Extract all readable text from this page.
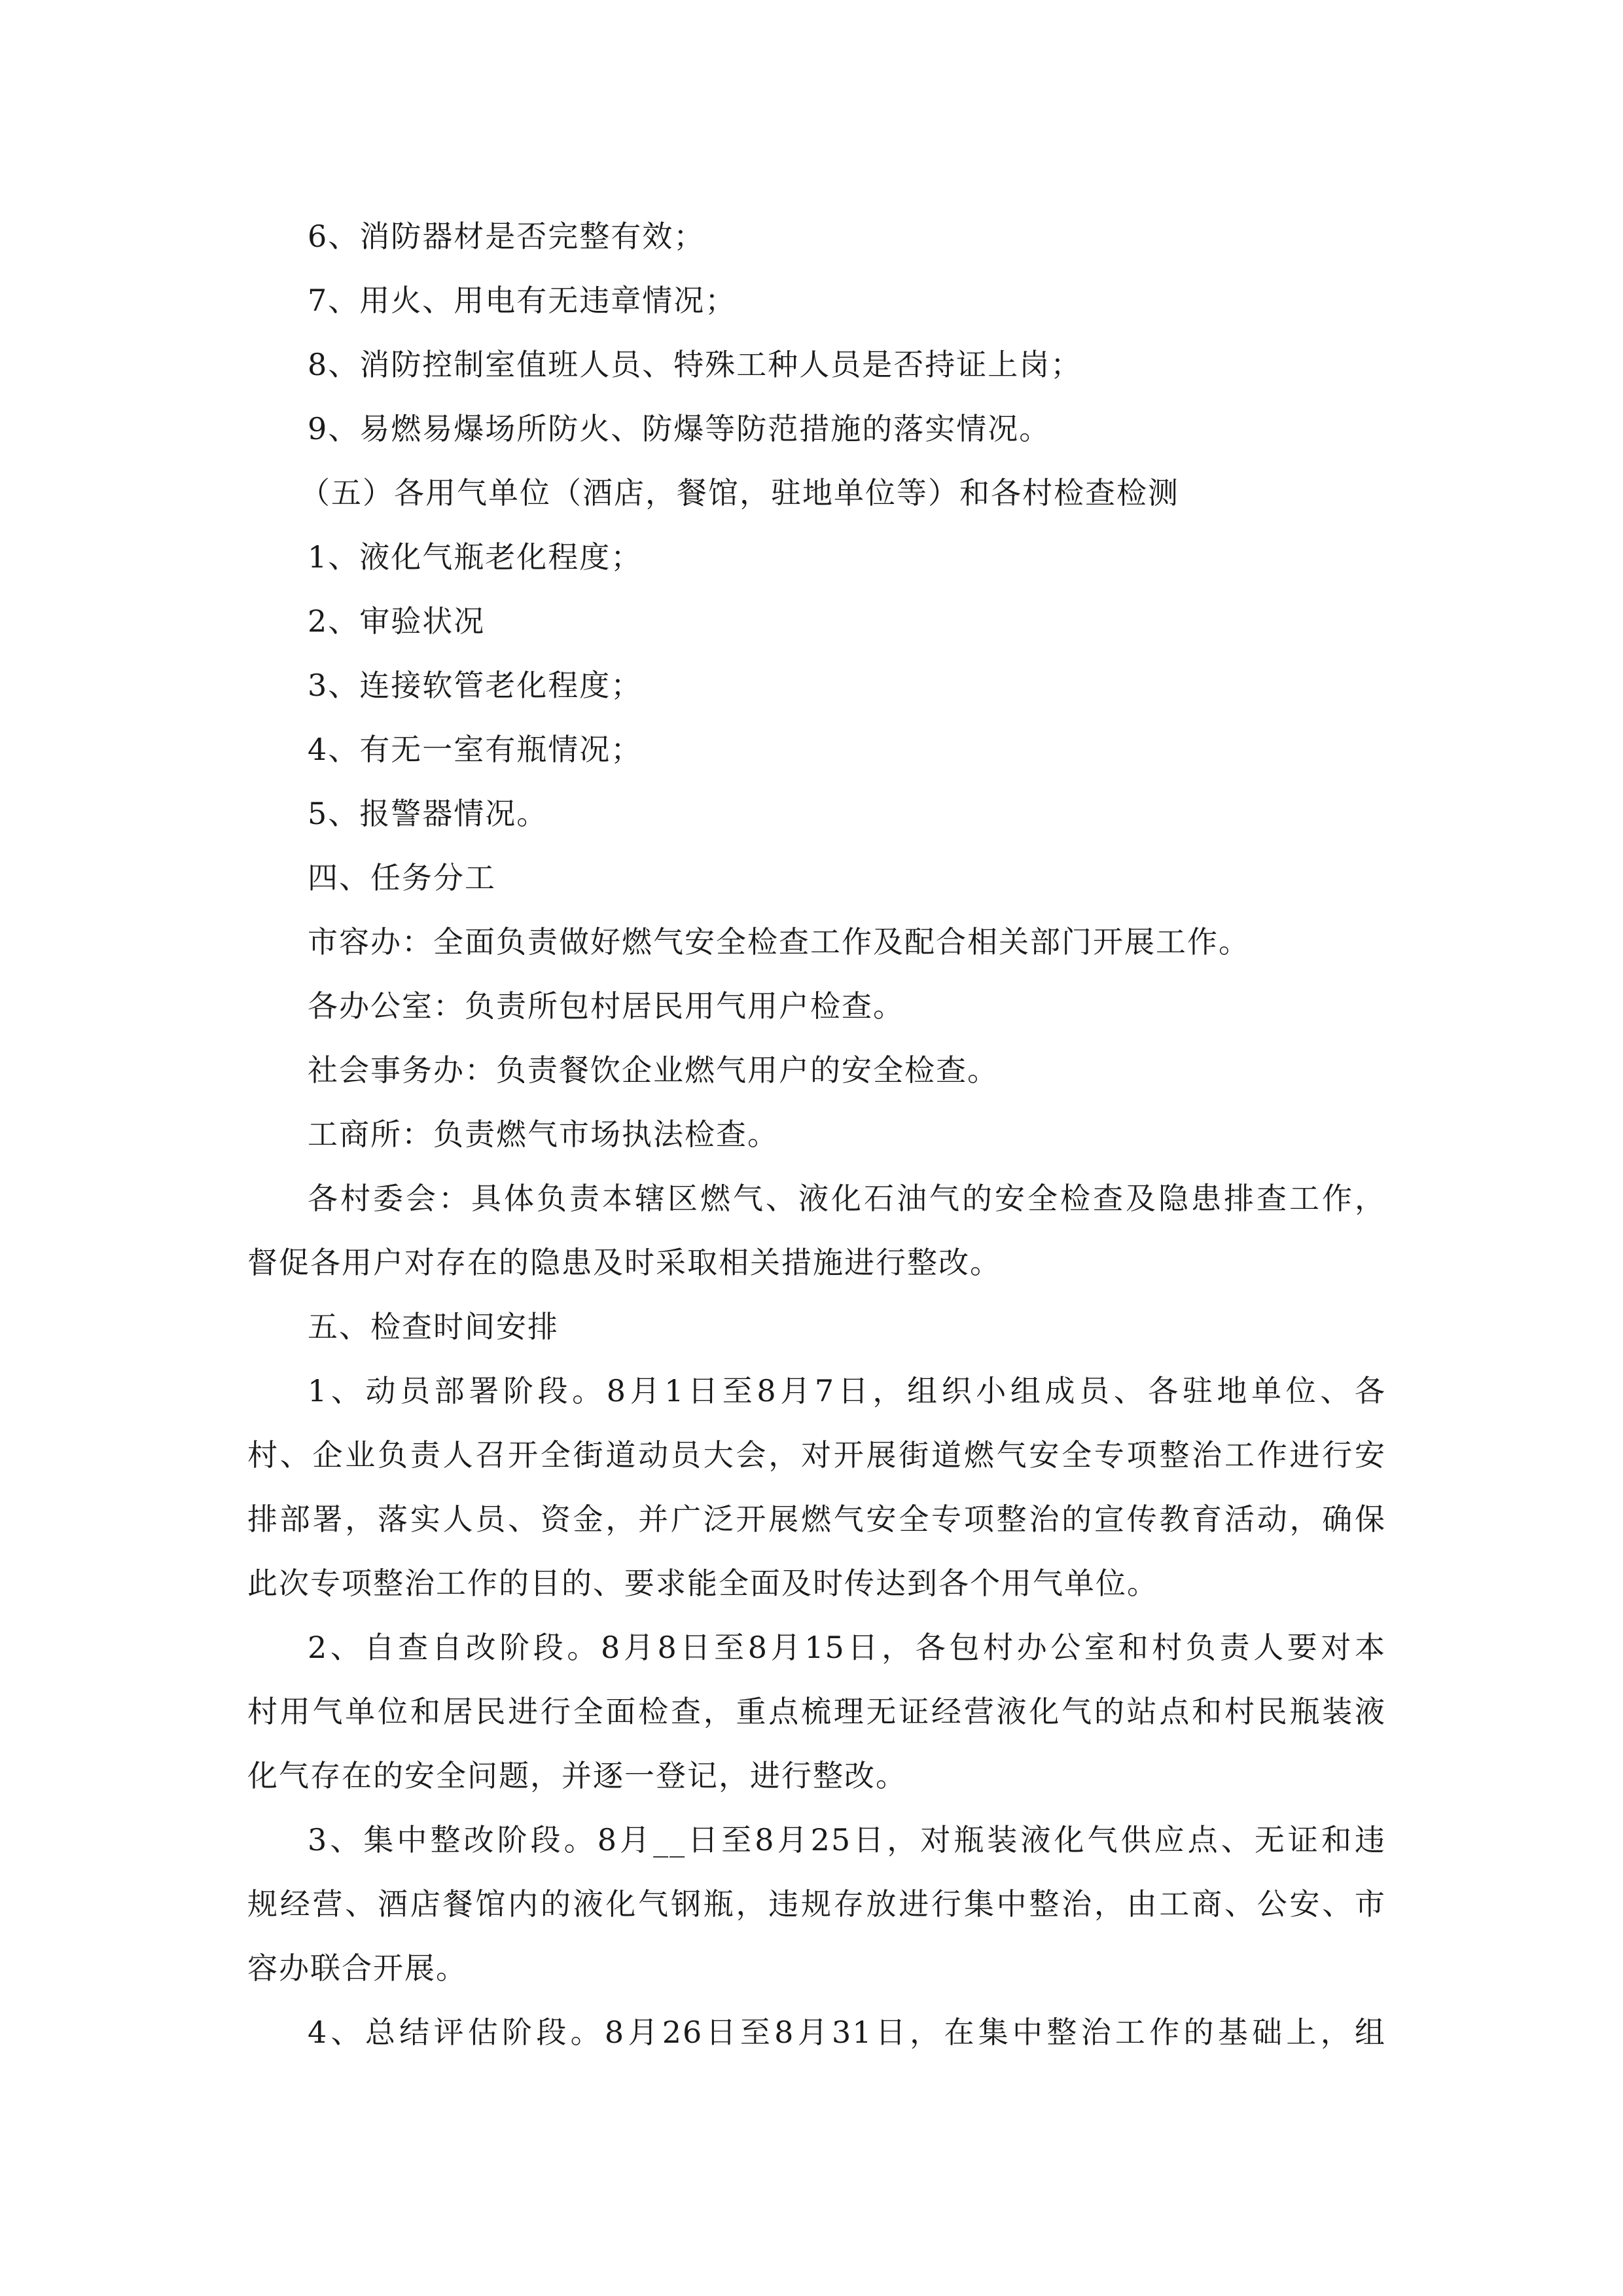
6、消防器材是否完整有效；
7、用火、用电有无违章情况；
8、消防控制室值班人员、特殊工种人员是否持证上岗；
9、易燃易爆场所防火、防爆等防范措施的落实情况。
（五）各用气单位（酒店，餐馆，驻地单位等）和各村检查检测
1、液化气瓶老化程度；
2、审验状况
3、连接软管老化程度；
4、有无一室有瓶情况；
5、报警器情况。
四、任务分工
市容办：全面负责做好燃气安全检查工作及配合相关部门开展工作。
各办公室：负责所包村居民用气用户检查。
社会事务办：负责餐饮企业燃气用户的安全检查。
工商所：负责燃气市场执法检查。
各村委会：具体负责本辖区燃气、液化石油气的安全检查及隐患排查工作，
督促各用户对存在的隐患及时采取相关措施进行整改。
五、检查时间安排
1、动员部署阶段。8月1日至8月7日，组织小组成员、各驻地单位、各
村、企业负责人召开全街道动员大会，对开展街道燃气安全专项整治工作进行安
排部署，落实人员、资金，并广泛开展燃气安全专项整治的宣传教育活动，确保
此次专项整治工作的目的、要求能全面及时传达到各个用气单位。
2、自查自改阶段。8月8日至8月15日，各包村办公室和村负责人要对本
村用气单位和居民进行全面检查，重点梳理无证经营液化气的站点和村民瓶装液
化气存在的安全问题，并逐一登记，进行整改。
3、集中整改阶段。8月__日至8月25日，对瓶装液化气供应点、无证和违
规经营、酒店餐馆内的液化气钢瓶，违规存放进行集中整治，由工商、公安、市
容办联合开展。
4、总结评估阶段。8月26日至8月31日，在集中整治工作的基础上，组
